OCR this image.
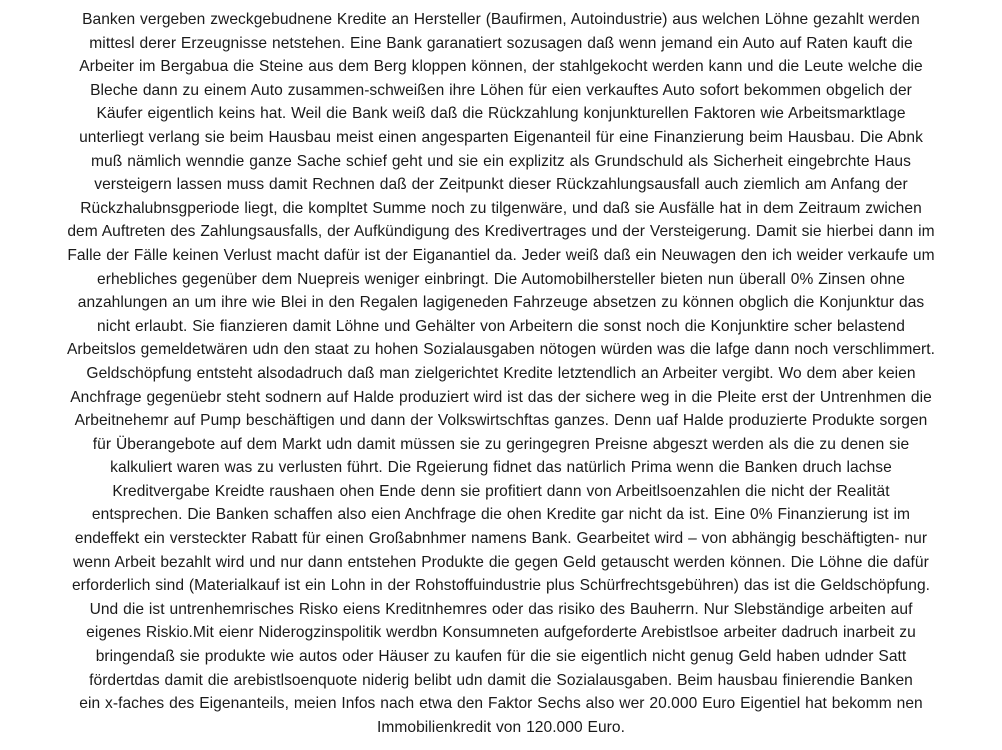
Banken vergeben zweckgebudnene Kredite an Hersteller (Baufirmen, Autoindustrie) aus welchen Löhne gezahlt werden
mittesl derer Erzeugnisse netstehen. Eine Bank garanatiert sozusagen daß wenn jemand ein Auto auf Raten kauft die
Arbeiter im Bergabua die Steine aus dem Berg kloppen können, der stahlgekocht werden kann und die Leute welche die
Bleche dann zu einem Auto zusammen-schweißen ihre Löhen für eien verkauftes Auto sofort bekommen obgelich der
Käufer eigentlich keins hat. Weil die Bank weiß daß die Rückzahlung konjunkturellen Faktoren wie Arbeitsmarktlage
unterliegt verlang sie beim Hausbau meist einen angesparten Eigenanteil für eine Finanzierung beim Hausbau. Die Abnk
muß nämlich wenndie ganze Sache schief geht und sie ein explizitz als Grundschuld als Sicherheit eingebrchte Haus
versteigern lassen muss damit Rechnen daß der Zeitpunkt dieser Rückzahlungsausfall auch ziemlich am Anfang der
Rückzhalubnsgperiode liegt, die kompltet Summe noch zu tilgenwäre, und daß sie Ausfälle hat in dem Zeitraum zwichen
dem Auftreten des Zahlungsausfalls, der Aufkündigung des Kredivertrages und der Versteigerung. Damit sie hierbei dann im
Falle der Fälle keinen Verlust macht dafür ist der Eiganantiel da. Jeder weiß daß ein Neuwagen den ich weider verkaufe um
erhebliches gegenüber dem Nuepreis weniger einbringt. Die Automobilhersteller bieten nun überall 0% Zinsen ohne
anzahlungen an um ihre wie Blei in den Regalen lagigeneden Fahrzeuge absetzen zu können obglich die Konjunktur das
nicht erlaubt. Sie fianzieren damit Löhne und Gehälter von Arbeitern die sonst noch die Konjunktire scher belastend
Arbeitslos gemeldetwären udn den staat zu hohen Sozialausgaben nötogen würden was die lafge dann noch verschlimmert.
Geldschöpfung entsteht alsodadruch daß man zielgerichtet Kredite letztendlich an Arbeiter vergibt. Wo dem aber keien
Anchfrage gegenüebr steht sodnern auf Halde produziert wird ist das der sichere weg in die Pleite erst der Untrenhmen die
Arbeitnehemr auf Pump beschäftigen und dann der Volkswirtschftas ganzes. Denn uaf Halde produzierte Produkte sorgen
für Überangebote auf dem Markt udn damit müssen sie zu geringegren Preisne abgeszt werden als die zu denen sie
kalkuliert waren was zu verlusten führt. Die Rgeierung fidnet das natürlich Prima wenn die Banken druch lachse
Kreditvergabe Kreidte raushaen ohen Ende denn sie profitiert dann von Arbeitlsoenzahlen die nicht der Realität
entsprechen. Die Banken schaffen also eien Anchfrage die ohen Kredite gar nicht da ist. Eine 0% Finanzierung ist im
endeffekt ein versteckter Rabatt für einen Großabnhmer namens Bank. Gearbeitet wird – von abhängig beschäftigten- nur
wenn Arbeit bezahlt wird und nur dann entstehen Produkte die gegen Geld getauscht werden können. Die Löhne die dafür
erforderlich sind (Materialkauf ist ein Lohn in der Rohstoffuindustrie plus Schürfrechtsgebühren) das ist die Geldschöpfung.
Und die ist untrenhemrisches Risko eiens Kreditnhemres oder das risiko des Bauherrn. Nur Slebständige arbeiten auf
eigenes Riskio.Mit eienr Niderogzinspolitik werdbn Konsumneten aufgeforderte Arebistlsoe arbeiter dadruch inarbeit zu
bringendaß sie produkte wie autos oder Häuser zu kaufen für die sie eigentlich nicht genug Geld haben udnder Satt
fördertdas damit die arebistlsoenquote niderig belibt udn damit die Sozialausgaben. Beim hausbau finierendie Banken
ein x-faches des Eigenanteils, meien Infos nach etwa den Faktor Sechs also wer 20.000 Euro Eigentiel hat bekomm nen
Immobilienkredit von 120.000 Euro.
